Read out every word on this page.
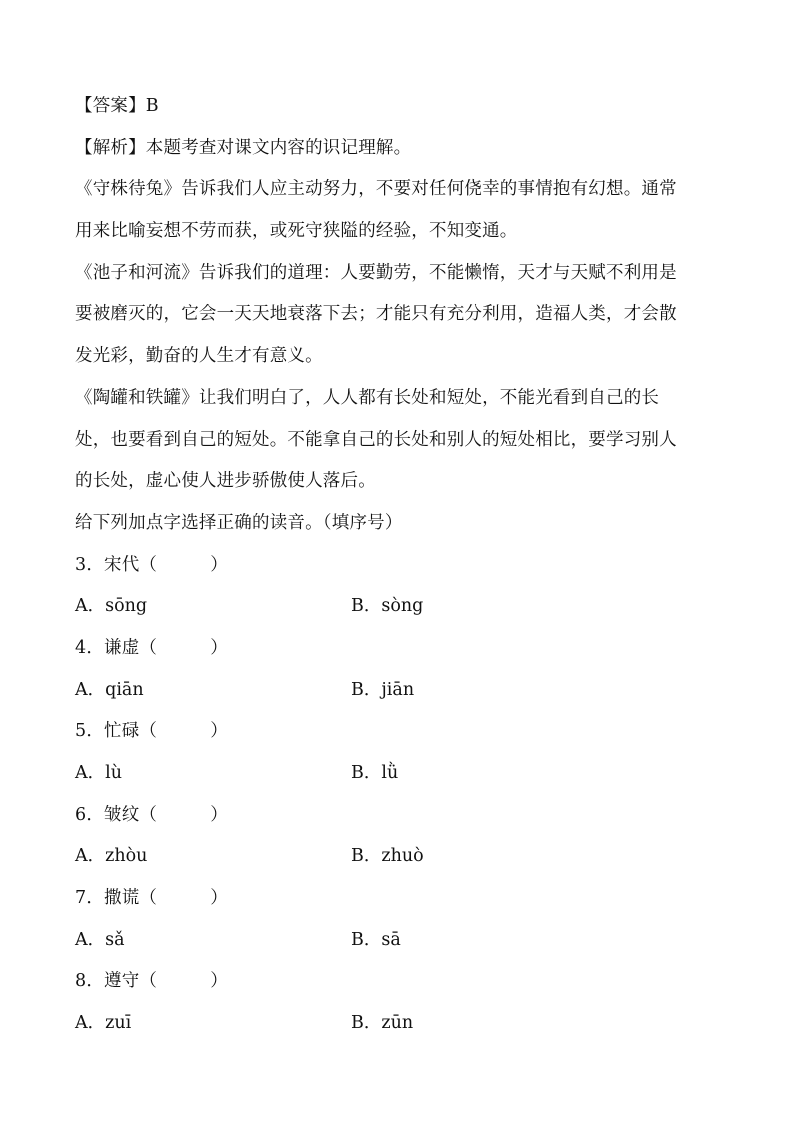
【答案】B
【解析】本题考查对课文内容的识记理解。
《守株待兔》告诉我们人应主动努力，不要对任何侥幸的事情抱有幻想。通常
用来比喻妄想不劳而获，或死守狭隘的经验，不知变通。
《池子和河流》告诉我们的道理：人要勤劳，不能懒惰，天才与天赋不利用是
要被磨灭的，它会一天天地衰落下去；才能只有充分利用，造福人类，才会散
发光彩，勤奋的人生才有意义。
《陶罐和铁罐》让我们明白了，人人都有长处和短处，不能光看到自己的长
处，也要看到自己的短处。不能拿自己的长处和别人的短处相比，要学习别人
的长处，虚心使人进步骄傲使人落后。
给下列加点字选择正确的读音。（填序号）
3．宋代（　　　）
A．sōng	B．sòng
4．谦虚（　　　）
A．qiān	B．jiān
5．忙碌（　　　）
A．lù	B．lǜ
6．皱纹（　　　）
A．zhòu	B．zhuò
7．撒谎（　　　）
A．sǎ	B．sā
8．遵守（　　　）
A．zuī	B．zūn
